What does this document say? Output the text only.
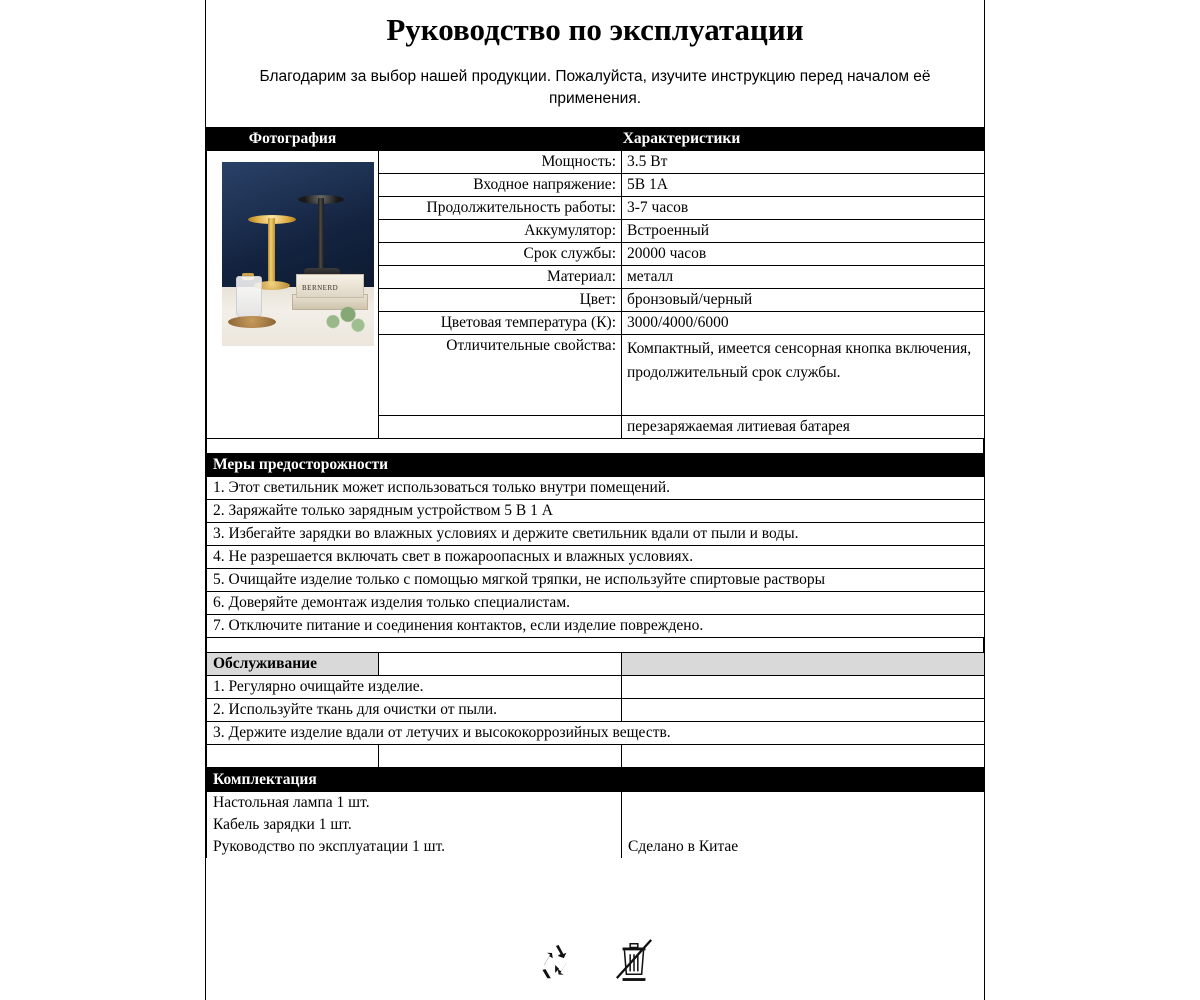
Руководство по эксплуатации
Благодарим за выбор нашей продукции. Пожалуйста, изучите инструкцию перед началом её применения.
Фотография	Характеристики	

BERNERD	Мощность:	3.5 Вт
	Входное напряжение:	5В 1А
	Продолжительность работы:	3-7 часов
	Аккумулятор:	Встроенный
	Срок службы:	20000 часов
	Материал:	металл
	Цвет:	бронзовый/черный
	Цветовая температура (К):	3000/4000/6000
	Отличительные свойства:	Компактный, имеется сенсорная кнопка включения, продолжительный срок службы.
		перезаряжаемая литиевая батарея
Меры предосторожности	
1. Этот светильник может использоваться только внутри помещений.
2. Заряжайте только зарядным устройством 5 В 1 А
3. Избегайте зарядки во влажных условиях и держите светильник вдали от пыли и воды.
4. Не разрешается включать свет в пожароопасных и влажных условиях.
5. Очищайте изделие только с помощью мягкой тряпки, не используйте спиртовые растворы
6. Доверяйте демонтаж изделия только специалистам.
7. Отключите питание и соединения контактов, если изделие повреждено.
Обслуживание		
1. Регулярно очищайте изделие.		
2. Используйте ткань для очистки от пыли.		
3. Держите изделие вдали от летучих и высококоррозийных веществ.		

Комплектация		
Настольная лампа 1 шт.	
Кабель зарядки 1 шт.	
Руководство по эксплуатации 1 шт.	Сделано в Китае
